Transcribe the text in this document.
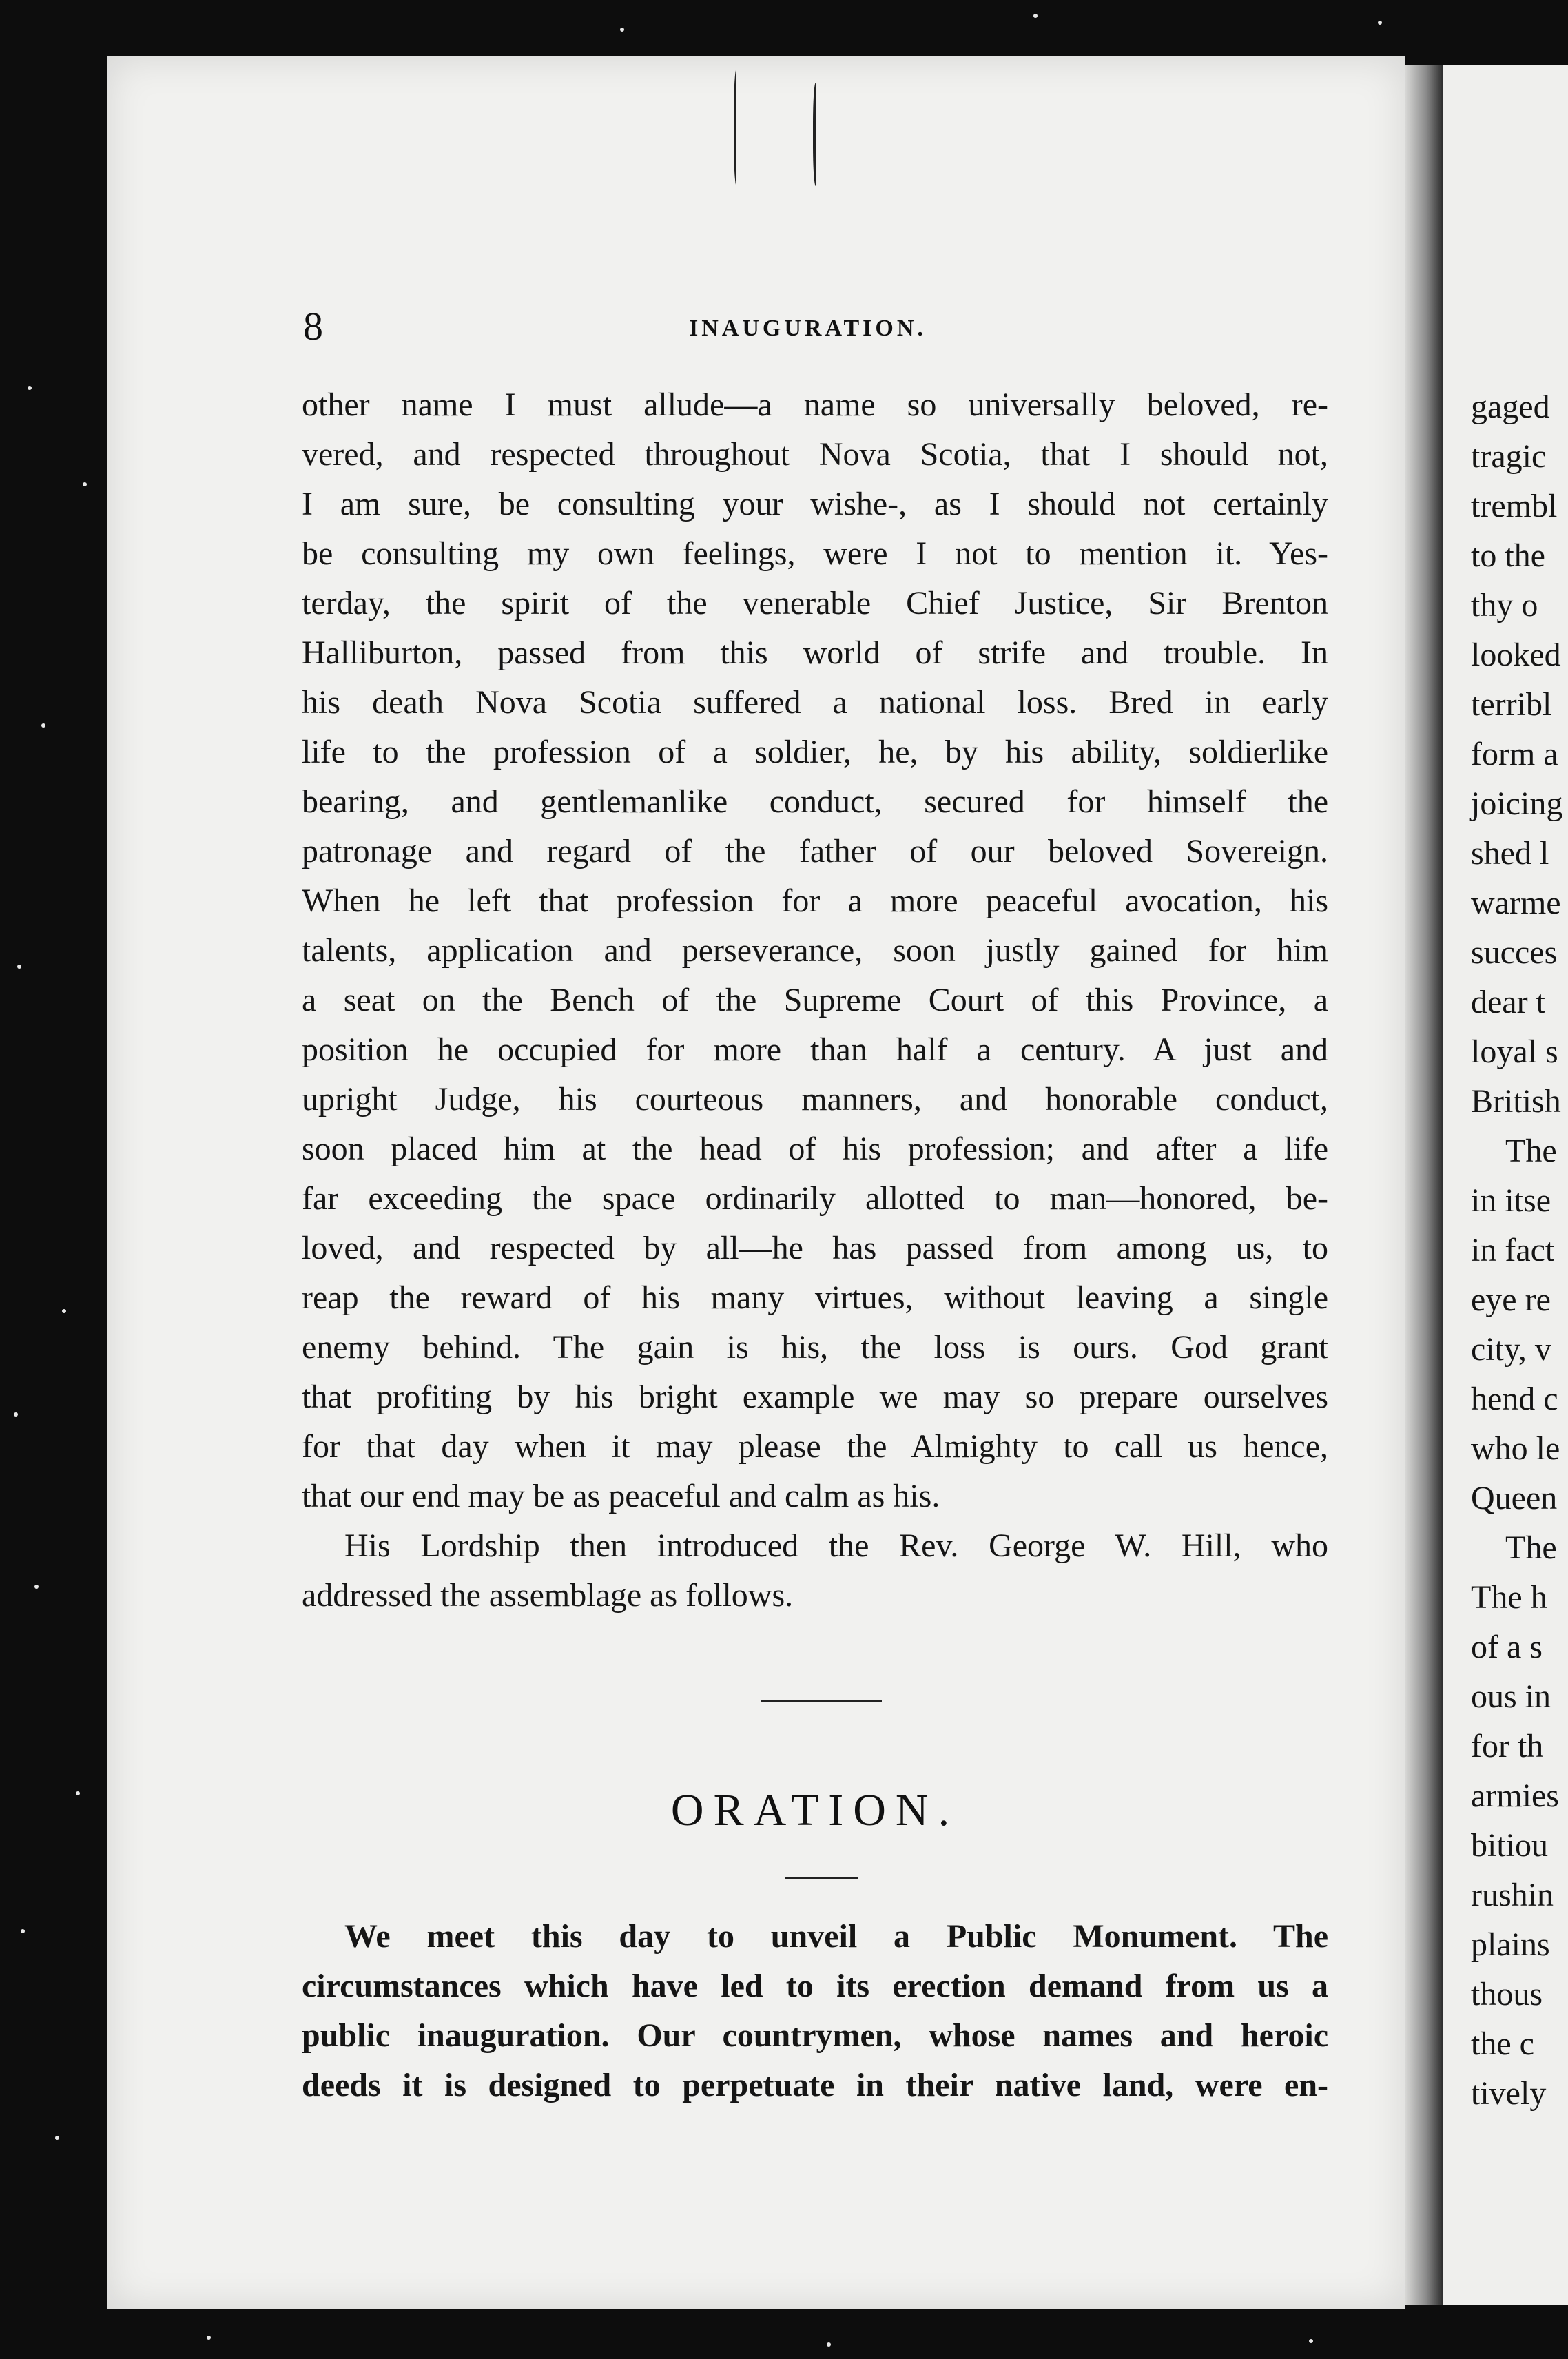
gaged
tragic
trembl
to the
thy o
looked
terribl
form a
joicing
shed l
warme
succes
dear t
loyal s
British
The
in itse
in fact
eye re
city, v
hend c
who le
Queen
The
The h
of a s
ous in
for th
armies
bitiou
rushin
plains
thous
the c
tively
8	INAUGURATION.
other name I must allude—a name so universally beloved, re-
vered, and respected throughout Nova Scotia, that I should not,
I am sure, be consulting your wishe-, as I should not certainly
be consulting my own feelings, were I not to mention it. Yes-
terday, the spirit of the venerable Chief Justice, Sir Brenton
Halliburton, passed from this world of strife and trouble. In
his death Nova Scotia suffered a national loss. Bred in early
life to the profession of a soldier, he, by his ability, soldierlike
bearing, and gentlemanlike conduct, secured for himself the
patronage and regard of the father of our beloved Sovereign.
When he left that profession for a more peaceful avocation, his
talents, application and perseverance, soon justly gained for him
a seat on the Bench of the Supreme Court of this Province, a
position he occupied for more than half a century. A just and
upright Judge, his courteous manners, and honorable conduct,
soon placed him at the head of his profession; and after a life
far exceeding the space ordinarily allotted to man—honored, be-
loved, and respected by all—he has passed from among us, to
reap the reward of his many virtues, without leaving a single
enemy behind. The gain is his, the loss is ours. God grant
that profiting by his bright example we may so prepare ourselves
for that day when it may please the Almighty to call us hence,
that our end may be as peaceful and calm as his.
His Lordship then introduced the Rev. George W. Hill, who
addressed the assemblage as follows.
ORATION.
We meet this day to unveil a Public Monument. The
circumstances which have led to its erection demand from us a
public inauguration. Our countrymen, whose names and heroic
deeds it is designed to perpetuate in their native land, were en-
